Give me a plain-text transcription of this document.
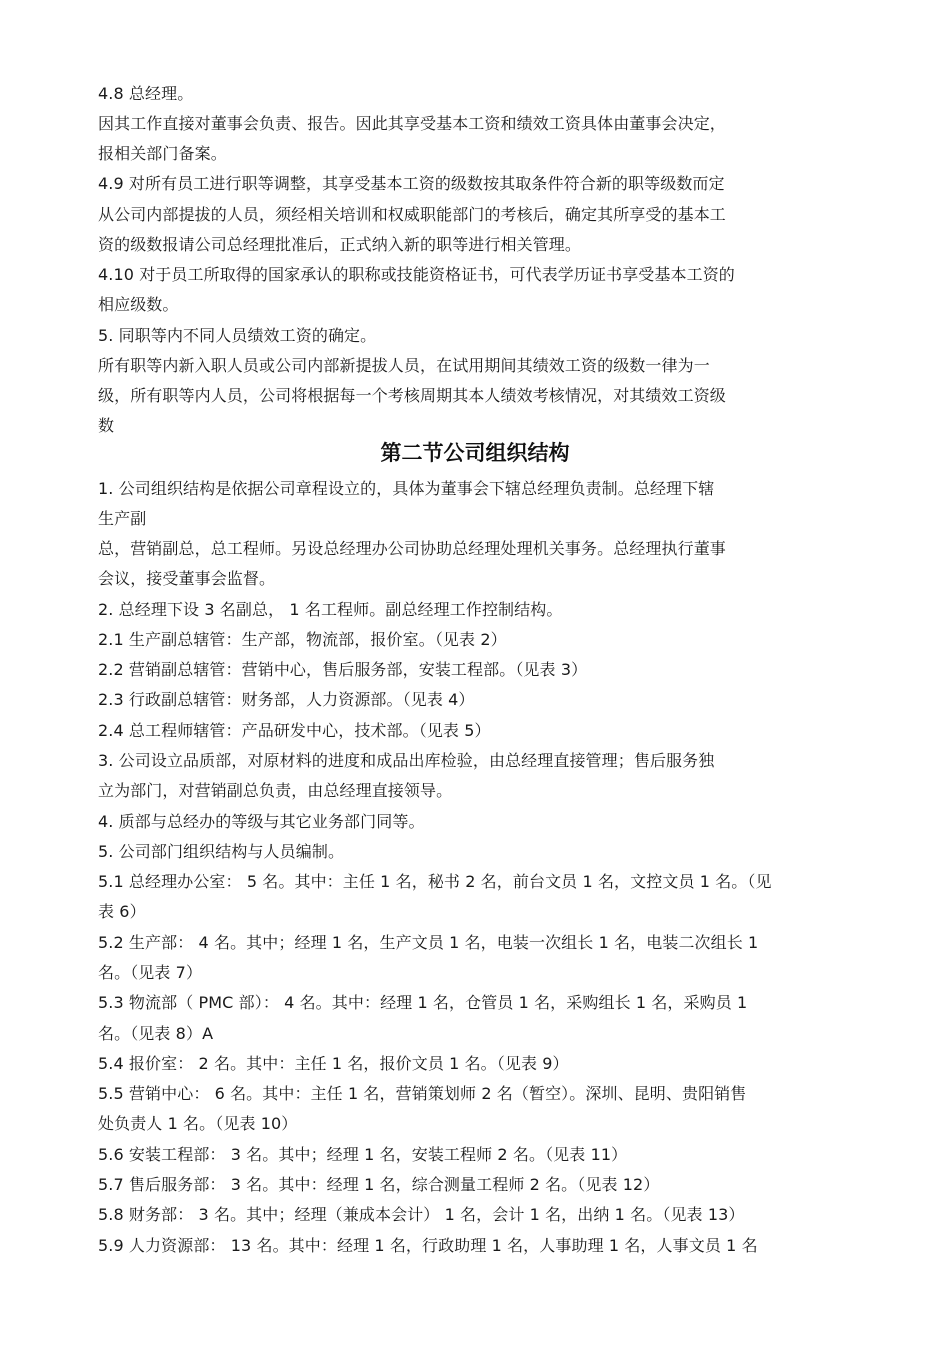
4.8 总经理。

因其工作直接对董事会负责、报告。因此其享受基本工资和绩效工资具体由董事会决定，

报相关部门备案。

4.9 对所有员工进行职等调整，其享受基本工资的级数按其取条件符合新的职等级数而定

从公司内部提拔的人员，须经相关培训和权威职能部门的考核后，确定其所享受的基本工

资的级数报请公司总经理批准后，正式纳入新的职等进行相关管理。

4.10 对于员工所取得的国家承认的职称或技能资格证书，可代表学历证书享受基本工资的

相应级数。

5. 同职等内不同人员绩效工资的确定。

所有职等内新入职人员或公司内部新提拔人员，在试用期间其绩效工资的级数一律为一

级，所有职等内人员，公司将根据每一个考核周期其本人绩效考核情况，对其绩效工资级

数

第二节公司组织结构

1. 公司组织结构是依据公司章程设立的，具体为董事会下辖总经理负责制。总经理下辖

生产副

总，营销副总，总工程师。另设总经理办公司协助总经理处理机关事务。总经理执行董事

会议，接受董事会监督。

2. 总经理下设 3 名副总， 1 名工程师。副总经理工作控制结构。

2.1 生产副总辖管：生产部，物流部，报价室。（见表 2）

2.2 营销副总辖管：营销中心，售后服务部，安装工程部。（见表 3）

2.3 行政副总辖管：财务部，人力资源部。（见表 4）

2.4 总工程师辖管：产品研发中心，技术部。（见表 5）

3. 公司设立品质部，对原材料的进度和成品出库检验，由总经理直接管理；售后服务独

立为部门，对营销副总负责，由总经理直接领导。

4. 质部与总经办的等级与其它业务部门同等。

5. 公司部门组织结构与人员编制。

5.1 总经理办公室： 5 名。其中：主任 1 名，秘书 2 名，前台文员 1 名，文控文员 1 名。（见

表 6）

5.2 生产部： 4 名。其中；经理 1 名，生产文员 1 名，电装一次组长 1 名，电装二次组长 1

名。（见表 7）

5.3 物流部（ PMC 部）： 4 名。其中：经理 1 名，仓管员 1 名，采购组长 1 名，采购员 1

名。（见表 8）A

5.4 报价室： 2 名。其中：主任 1 名，报价文员 1 名。（见表 9）

5.5 营销中心： 6 名。其中：主任 1 名，营销策划师 2 名（暂空）。深圳、昆明、贵阳销售

处负责人 1 名。（见表 10）

5.6 安装工程部： 3 名。其中；经理 1 名，安装工程师 2 名。（见表 11）

5.7 售后服务部： 3 名。其中：经理 1 名，综合测量工程师 2 名。（见表 12）

5.8 财务部： 3 名。其中；经理（兼成本会计） 1 名，会计 1 名，出纳 1 名。（见表 13）

5.9 人力资源部： 13 名。其中：经理 1 名，行政助理 1 名，人事助理 1 名，人事文员 1 名
